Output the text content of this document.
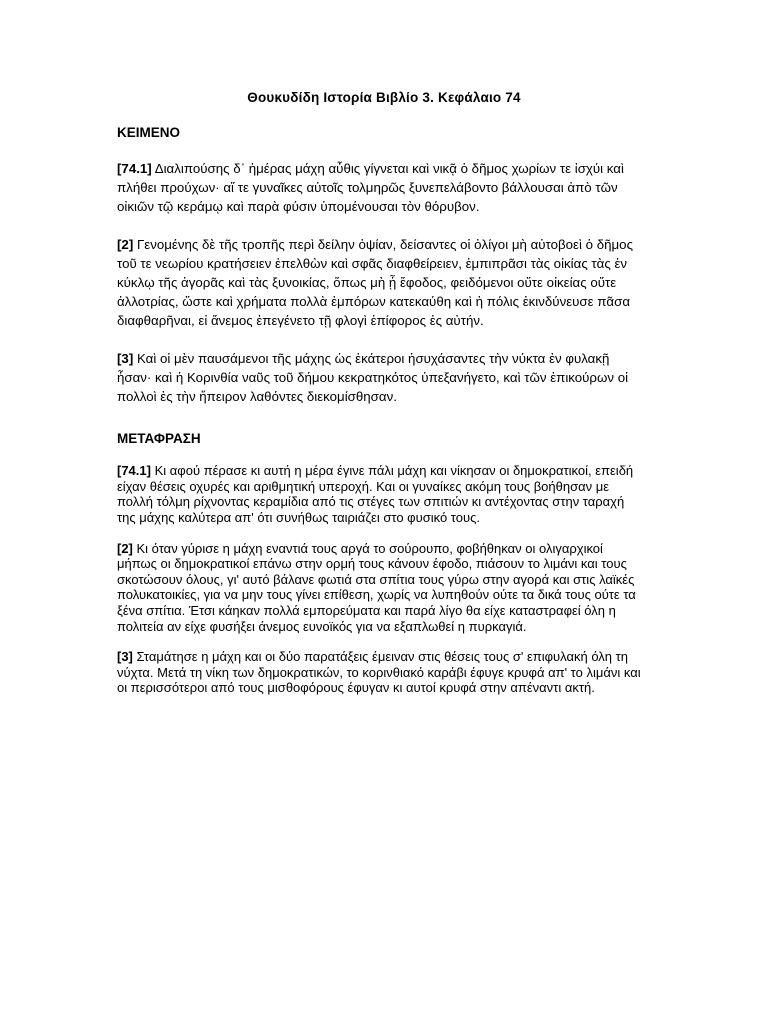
Θουκυδίδη Ιστορία Βιβλίο 3. Κεφάλαιο 74

ΚΕΙΜΕΝΟ

[74.1] Διαλιπούσης δ᾽ ἡμέρας μάχη αὖθις γίγνεται καὶ νικᾷ ὁ δῆμος χωρίων τε ἰσχύι καὶ πλήθει προύχων· αἵ τε γυναῖκες αὐτοῖς τολμηρῶς ξυνεπελάβοντο βάλλουσαι ἀπὸ τῶν οἰκιῶν τῷ κεράμῳ καὶ παρὰ φύσιν ὑπομένουσαι τὸν θόρυβον.

[2] Γενομένης δὲ τῆς τροπῆς περὶ δείλην ὀψίαν, δείσαντες οἱ ὀλίγοι μὴ αὐτοβοεὶ ὁ δῆμος τοῦ τε νεωρίου κρατήσειεν ἐπελθὼν καὶ σφᾶς διαφθείρειεν, ἐμπιπρᾶσι τὰς οἰκίας τὰς ἐν κύκλῳ τῆς ἀγορᾶς καὶ τὰς ξυνοικίας, ὅπως μὴ ᾖ ἔφοδος, φειδόμενοι οὔτε οἰκείας οὔτε ἀλλοτρίας, ὥστε καὶ χρήματα πολλὰ ἐμπόρων κατεκαύθη καὶ ἡ πόλις ἐκινδύνευσε πᾶσα διαφθαρῆναι, εἰ ἄνεμος ἐπεγένετο τῇ φλογὶ ἐπίφορος ἐς αὐτήν.

[3] Καὶ οἱ μὲν παυσάμενοι τῆς μάχης ὡς ἑκάτεροι ἡσυχάσαντες τὴν νύκτα ἐν φυλακῇ ἦσαν· καὶ ἡ Κορινθία ναῦς τοῦ δήμου κεκρατηκότος ὑπεξανήγετο, καὶ τῶν ἐπικούρων οἱ πολλοὶ ἐς τὴν ἤπειρον λαθόντες διεκομίσθησαν.

ΜΕΤΑΦΡΑΣΗ

[74.1] Κι αφού πέρασε κι αυτή η μέρα έγινε πάλι μάχη και νίκησαν οι δημοκρατικοί, επειδή είχαν θέσεις οχυρές και αριθμητική υπεροχή. Και οι γυναίκες ακόμη τους βοήθησαν με πολλή τόλμη ρίχνοντας κεραμίδια από τις στέγες των σπιτιών κι αντέχοντας στην ταραχή της μάχης καλύτερα απ' ότι συνήθως ταιριάζει στο φυσικό τους.

[2] Κι όταν γύρισε η μάχη εναντιά τους αργά το σούρουπο, φοβήθηκαν οι ολιγαρχικοί μήπως οι δημοκρατικοί επάνω στην ορμή τους κάνουν έφοδο, πιάσουν το λιμάνι και τους σκοτώσουν όλους, γι' αυτό βάλανε φωτιά στα σπίτια τους γύρω στην αγορά και στις λαϊκές πολυκατοικίες, για να μην τους γίνει επίθεση, χωρίς να λυπηθούν ούτε τα δικά τους ούτε τα ξένα σπίτια. Έτσι κάηκαν πολλά εμπορεύματα και παρά λίγο θα είχε καταστραφεί όλη η πολιτεία αν είχε φυσήξει άνεμος ευνοϊκός για να εξαπλωθεί η πυρκαγιά.

[3] Σταμάτησε η μάχη και οι δύο παρατάξεις έμειναν στις θέσεις τους σ' επιφυλακή όλη τη νύχτα. Μετά τη νίκη των δημοκρατικών, το κορινθιακό καράβι έφυγε κρυφά απ' το λιμάνι και οι περισσότεροι από τους μισθοφόρους έφυγαν κι αυτοί κρυφά στην απέναντι ακτή.
